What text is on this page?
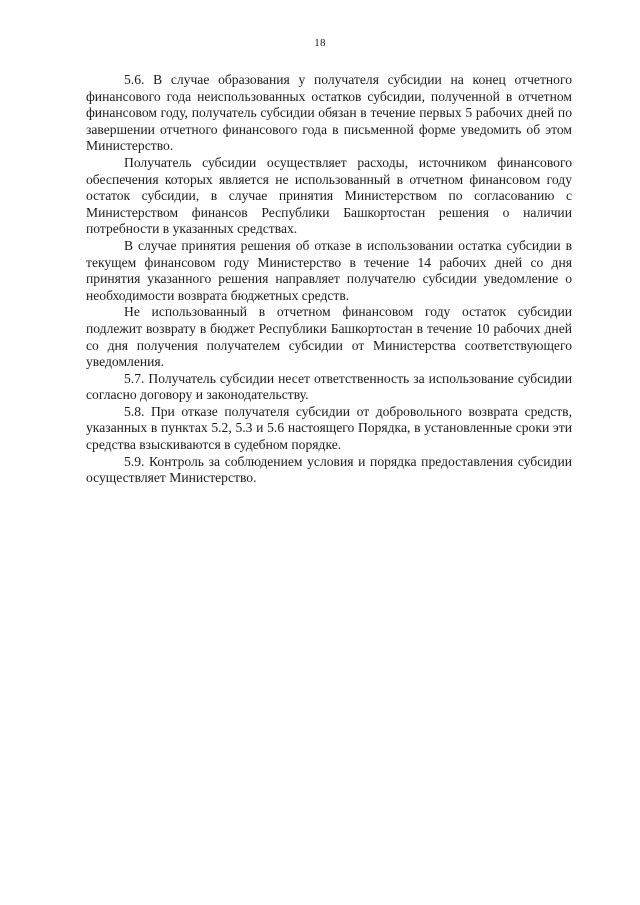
18

5.6. В случае образования у получателя субсидии на конец отчетного финансового года неиспользованных остатков субсидии, полученной в отчетном финансовом году, получатель субсидии обязан в течение первых 5 рабочих дней по завершении отчетного финансового года в письменной форме уведомить об этом Министерство.

Получатель субсидии осуществляет расходы, источником финансового обеспечения которых является не использованный в отчетном финансовом году остаток субсидии, в случае принятия Министерством по согласованию с Министерством финансов Республики Башкортостан решения о наличии потребности в указанных средствах.

В случае принятия решения об отказе в использовании остатка субсидии в текущем финансовом году Министерство в течение 14 рабочих дней со дня принятия указанного решения направляет получателю субсидии уведомление о необходимости возврата бюджетных средств.

Не использованный в отчетном финансовом году остаток субсидии подлежит возврату в бюджет Республики Башкортостан в течение 10 рабочих дней со дня получения получателем субсидии от Министерства соответствующего уведомления.

5.7. Получатель субсидии несет ответственность за использование субсидии согласно договору и законодательству.

5.8. При отказе получателя субсидии от добровольного возврата средств, указанных в пунктах 5.2, 5.3 и 5.6 настоящего Порядка, в установленные сроки эти средства взыскиваются в судебном порядке.

5.9. Контроль за соблюдением условия и порядка предоставления субсидии осуществляет Министерство.
